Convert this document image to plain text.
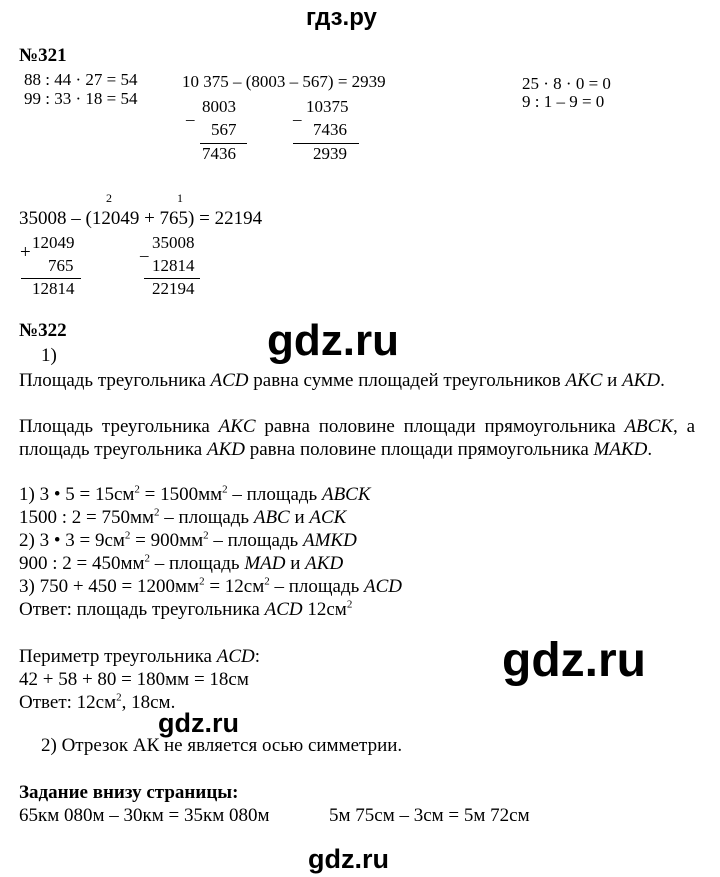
гдз.ру
№321
88 : 44 · 27 = 54
99 : 33 · 18 = 54
10 375 – (8003 – 567) = 2939
_ 8003
567
7436
_ 10375
7436
2939
25 · 8 · 0 = 0
9 : 1 – 9 = 0
2	1
35008 – (12049 + 765) = 22194
+ 12049
765
12814
_ 35008
12814
22194
№322	gdz.ru
1)
Площадь треугольника ACD равна сумме площадей треугольников AKC и AKD.
Площадь треугольника AKC равна половине площади прямоугольника ABCK, а площадь треугольника AKD равна половине площади прямоугольника MAKD.
1) 3 • $5 = 15см^2 = 1500мм^2$ – площадь ABCK
1500 : $2 = 750мм^2$ – площадь ABC и ACK
2) 3 • $3 = 9см^2 = 900мм^2$ – площадь AMKD
900 : $2 = 450мм^2$ – площадь MAD и AKD
3) $750 + 450 = 1200мм^2 = 12см^2$ – площадь ACD
Ответ: площадь треугольника ACD $12см^2$
Периметр треугольника ACD:	gdz.ru
42 + 58 + 80 = 180мм = 18см
Ответ: $12см^2$, 18см.
gdz.ru
2) Отрезок АК не является осью симметрии.
Задание внизу страницы:
65км 080м – 30км = 35км 080м	5м 75см – 3см = 5м 72см
gdz.ru
